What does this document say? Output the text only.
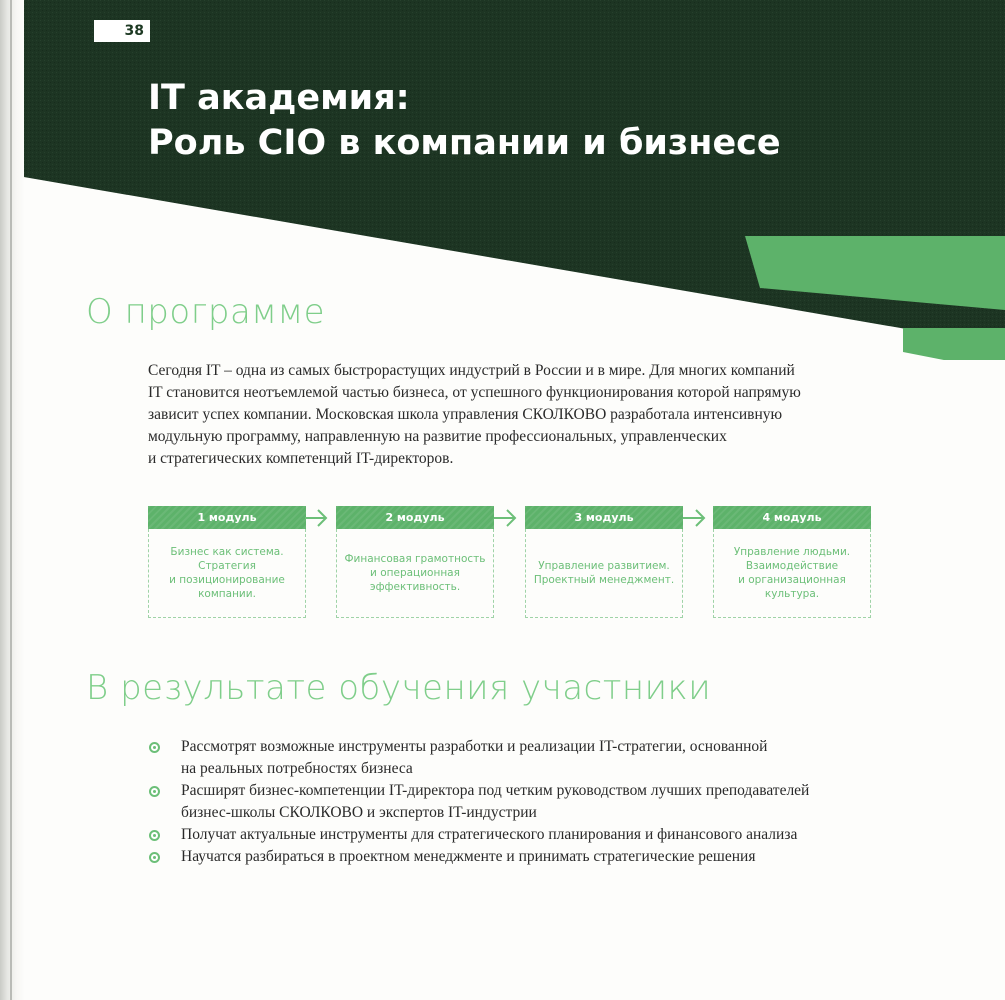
38
IT академия:
Роль CIO в компании и бизнесе
О программе
Сегодня IT – одна из самых быстрорастущих индустрий в России и в мире. Для многих компаний
IT становится неотъемлемой частью бизнеса, от успешного функционирования которой напрямую
зависит успех компании. Московская школа управления СКОЛКОВО разработала интенсивную
модульную программу, направленную на развитие профессиональных, управленческих
и стратегических компетенций IT-директоров.
1 модуль
Бизнес как система.
Стратегия
и позиционирование
компании.
2 модуль
Финансовая грамотность
и операционная
эффективность.
3 модуль
Управление развитием.
Проектный менеджмент.
4 модуль
Управление людьми.
Взаимодействие
и организационная культура.
В результате обучения участники
Рассмотрят возможные инструменты разработки и реализации IT-стратегии, основанной
на реальных потребностях бизнеса
Расширят бизнес-компетенции IT-директора под четким руководством лучших преподавателей
бизнес-школы СКОЛКОВО и экспертов IT-индустрии
Получат актуальные инструменты для стратегического планирования и финансового анализа
Научатся разбираться в проектном менеджменте и принимать стратегические решения
